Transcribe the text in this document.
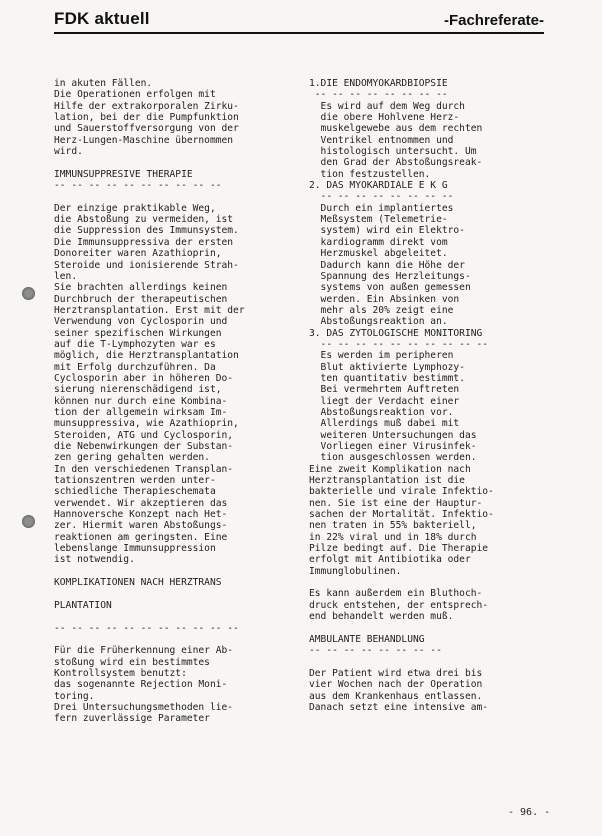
FDK aktuell	-Fachreferate-

in akuten Fällen.

Die Operationen erfolgen mit

Hilfe der extrakorporalen Zirku-

lation, bei der die Pumpfunktion

und Sauerstoffversorgung von der

Herz-Lungen-Maschine übernommen

wird.

IMMUNSUPPRESIVE THERAPIE

-- -- -- -- -- -- -- -- -- --

Der einzige praktikable Weg,

die Abstoßung zu vermeiden, ist

die Suppression des Immunsystem.

Die Immunsuppressiva der ersten

Donoreiter waren Azathioprin,

Steroide und ionisierende Strah-

len.

Sie brachten allerdings keinen

Durchbruch der therapeutischen

Herztransplantation. Erst mit der

Verwendung von Cyclosporin und

seiner spezifischen Wirkungen

auf die T-Lymphozyten war es

möglich, die Herztransplantation

mit Erfolg durchzuführen. Da

Cyclosporin aber in höheren Do-

sierung nierenschädigend ist,

können nur durch eine Kombina-

tion der allgemein wirksam Im-

munsuppressiva, wie Azathioprin,

Steroiden, ATG und Cyclosporin,

die Nebenwirkungen der Substan-

zen gering gehalten werden.

In den verschiedenen Transplan-

tationszentren werden unter-

schiedliche Therapieschemata

verwendet. Wir akzeptieren das

Hannoversche Konzept nach Het-

zer. Hiermit waren Abstoßungs-

reaktionen am geringsten. Eine

lebenslange Immunsuppression

ist notwendig.

KOMPLIKATIONEN NACH HERZTRANS

PLANTATION

-- -- -- -- -- -- -- -- -- -- --

Für die Früherkennung einer Ab-

stoßung wird ein bestimmtes

Kontrollsystem benutzt:

das sogenannte Rejection Moni-

toring.

Drei Untersuchungsmethoden lie-

fern zuverlässige Parameter

1.DIE ENDOMYOKARDBIOPSIE

-- -- -- -- -- -- -- --

Es wird auf dem Weg durch

die obere Hohlvene Herz-

muskelgewebe aus dem rechten

Ventrikel entnommen und

histologisch untersucht. Um

den Grad der Abstoßungsreak-

tion festzustellen.

2. DAS MYOKARDIALE E K G

-- -- -- -- -- -- -- --

Durch ein implantiertes

Meßsystem (Telemetrie-

system) wird ein Elektro-

kardiogramm direkt vom

Herzmuskel abgeleitet.

Dadurch kann die Höhe der

Spannung des Herzleitungs-

systems von außen gemessen

werden. Ein Absinken von

mehr als 20% zeigt eine

Abstoßungsreaktion an.

3. DAS ZYTOLOGISCHE MONITORING

-- -- -- -- -- -- -- -- -- --

Es werden im peripheren

Blut aktivierte Lymphozy-

ten quantitativ bestimmt.

Bei vermehrtem Auftreten

liegt der Verdacht einer

Abstoßungsreaktion vor.

Allerdings muß dabei mit

weiteren Untersuchungen das

Vorliegen einer Virusinfek-

tion ausgeschlossen werden.

Eine zweit Komplikation nach

Herztransplantation ist die

bakterielle und virale Infektio-

nen. Sie ist eine der Hauptur-

sachen der Mortalität. Infektio-

nen traten in 55% bakteriell,

in 22% viral und in 18% durch

Pilze bedingt auf. Die Therapie

erfolgt mit Antibiotika oder

Immunglobulinen.

Es kann außerdem ein Bluthoch-

druck entstehen, der entsprech-

end behandelt werden muß.

AMBULANTE BEHANDLUNG

-- -- -- -- -- -- -- --

Der Patient wird etwa drei bis

vier Wochen nach der Operation

aus dem Krankenhaus entlassen.

Danach setzt eine intensive am-

- 96. -
